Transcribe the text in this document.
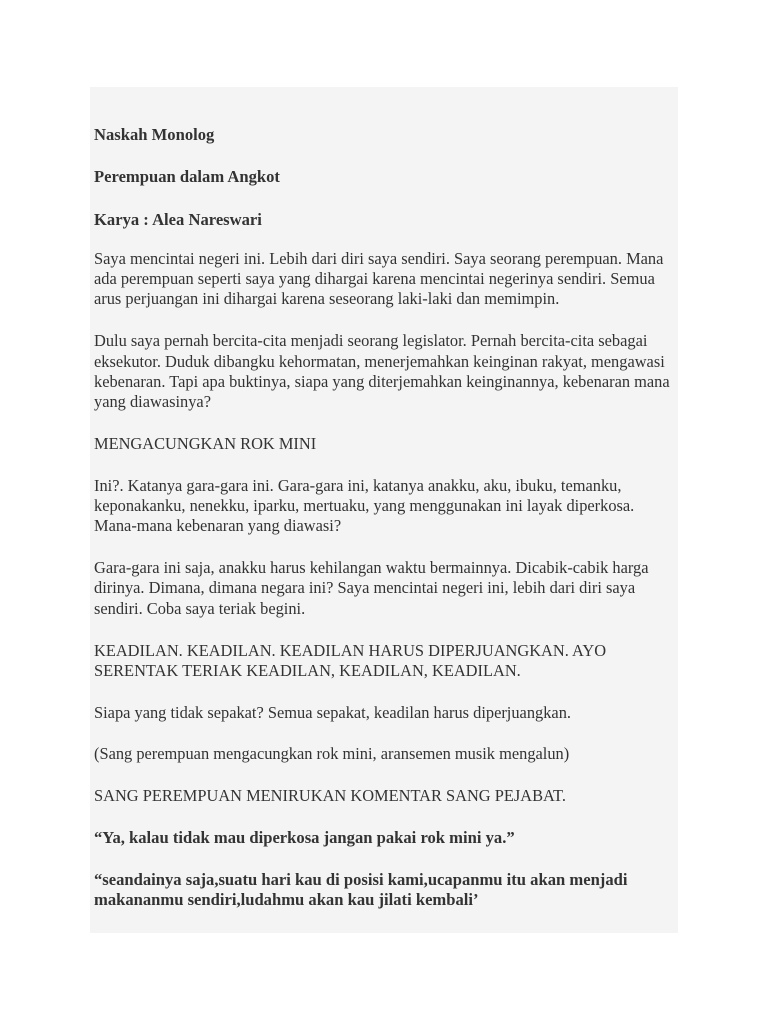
Naskah Monolog

Perempuan dalam Angkot

Karya : Alea Nareswari

Saya mencintai negeri ini. Lebih dari diri saya sendiri. Saya seorang perempuan. Mana ada perempuan seperti saya yang dihargai karena mencintai negerinya sendiri. Semua arus perjuangan ini dihargai karena seseorang laki-laki dan memimpin.

Dulu saya pernah bercita-cita menjadi seorang legislator. Pernah bercita-cita sebagai eksekutor. Duduk dibangku kehormatan, menerjemahkan keinginan rakyat, mengawasi kebenaran. Tapi apa buktinya, siapa yang diterjemahkan keinginannya, kebenaran mana yang diawasinya?

MENGACUNGKAN ROK MINI

Ini?. Katanya gara-gara ini. Gara-gara ini, katanya anakku, aku, ibuku, temanku, keponakanku, nenekku, iparku, mertuaku, yang menggunakan ini layak diperkosa. Mana-mana kebenaran yang diawasi?

Gara-gara ini saja, anakku harus kehilangan waktu bermainnya. Dicabik-cabik harga dirinya. Dimana, dimana negara ini? Saya mencintai negeri ini, lebih dari diri saya sendiri. Coba saya teriak begini.

KEADILAN. KEADILAN. KEADILAN HARUS DIPERJUANGKAN. AYO SERENTAK TERIAK KEADILAN, KEADILAN, KEADILAN.

Siapa yang tidak sepakat? Semua sepakat, keadilan harus diperjuangkan.

(Sang perempuan mengacungkan rok mini, aransemen musik mengalun)

SANG PEREMPUAN MENIRUKAN KOMENTAR SANG PEJABAT.

“Ya, kalau tidak mau diperkosa jangan pakai rok mini ya.”

“seandainya saja,suatu hari kau di posisi kami,ucapanmu itu akan menjadi makananmu sendiri,ludahmu akan kau jilati kembali’
